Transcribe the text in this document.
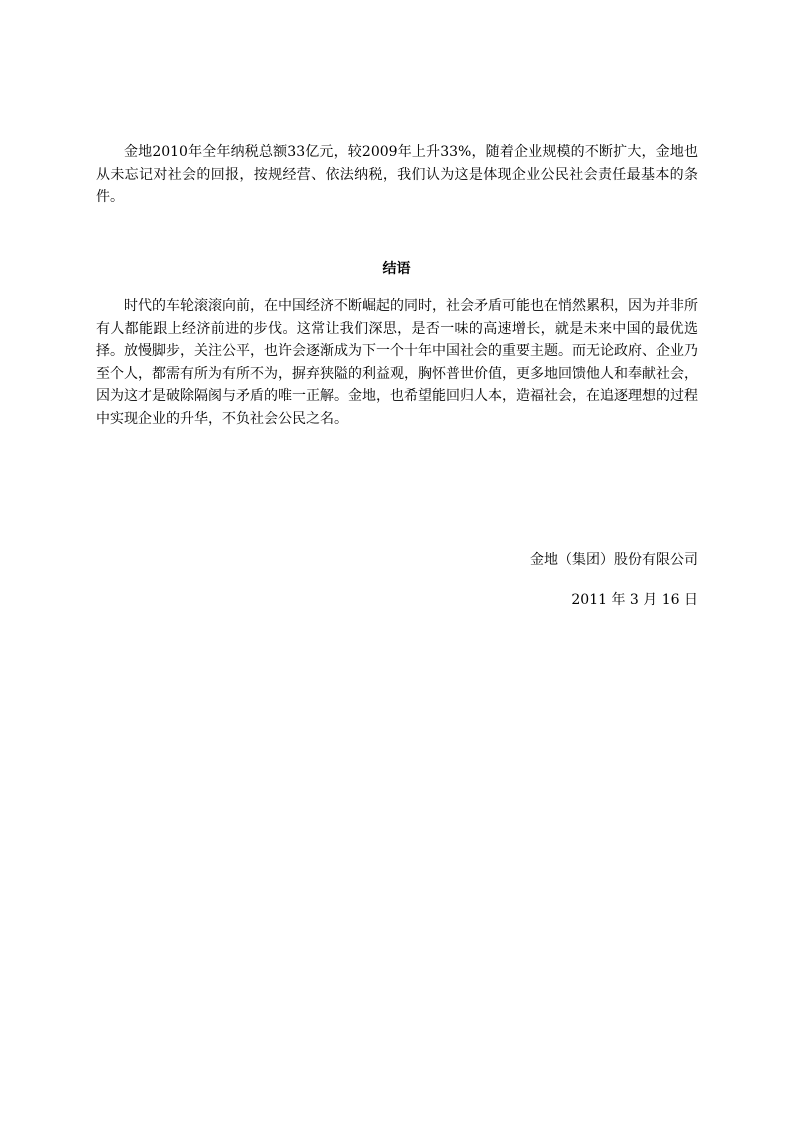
金地2010年全年纳税总额33亿元，较2009年上升33%，随着企业规模的不断扩大，金地也从未忘记对社会的回报，按规经营、依法纳税，我们认为这是体现企业公民社会责任最基本的条件。

结语

时代的车轮滚滚向前，在中国经济不断崛起的同时，社会矛盾可能也在悄然累积，因为并非所有人都能跟上经济前进的步伐。这常让我们深思，是否一味的高速增长，就是未来中国的最优选择。放慢脚步，关注公平，也许会逐渐成为下一个十年中国社会的重要主题。而无论政府、企业乃至个人，都需有所为有所不为，摒弃狭隘的利益观，胸怀普世价值，更多地回馈他人和奉献社会，因为这才是破除隔阂与矛盾的唯一正解。金地，也希望能回归人本，造福社会，在追逐理想的过程中实现企业的升华，不负社会公民之名。

金地（集团）股份有限公司

2011 年 3 月 16 日
